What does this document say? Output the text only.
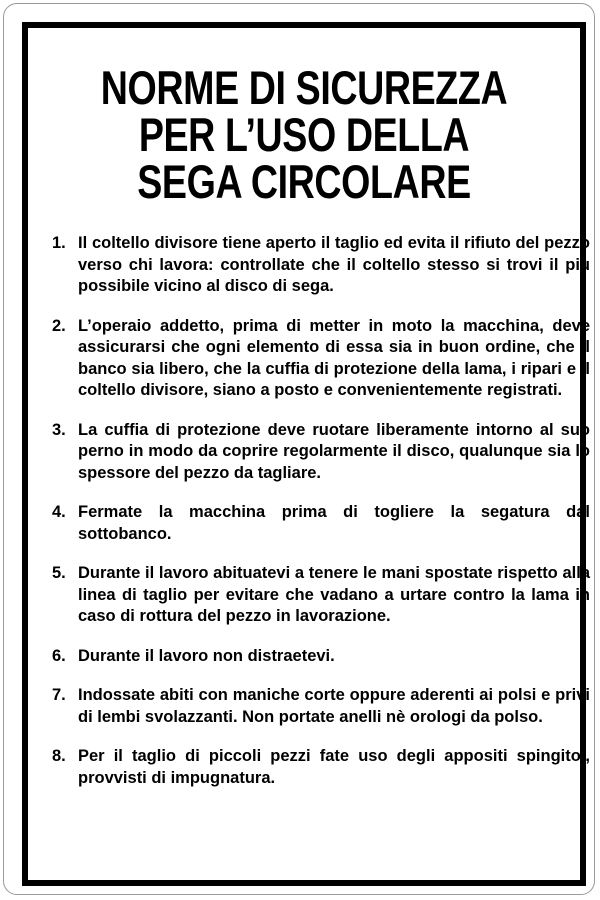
NORME DI SICUREZZA
PER L’USO DELLA
SEGA CIRCOLARE
1. Il coltello divisore tiene aperto il taglio ed evita il rifiuto del pezzo verso chi lavora: controllate che il coltello stesso si trovi il più possibile vicino al disco di sega.
2. L’operaio addetto, prima di metter in moto la macchina, deve assicurarsi che ogni elemento di essa sia in buon ordine, che il banco sia libero, che la cuffia di protezione della lama, i ripari e il coltello divisore, siano a posto e convenientemente registrati.
3. La cuffia di protezione deve ruotare liberamente intorno al suo perno in modo da coprire regolarmente il disco, qualunque sia lo spessore del pezzo da tagliare.
4. Fermate la macchina prima di togliere la segatura dal sottobanco.
5. Durante il lavoro abituatevi a tenere le mani spostate rispetto alla linea di taglio per evitare che vadano a urtare contro la lama in caso di rottura del pezzo in lavorazione.
6. Durante il lavoro non distraetevi.
7. Indossate abiti con maniche corte oppure aderenti ai polsi e privi di lembi svolazzanti. Non portate anelli nè orologi da polso.
8. Per il taglio di piccoli pezzi fate uso degli appositi spingitoi, provvisti di impugnatura.
